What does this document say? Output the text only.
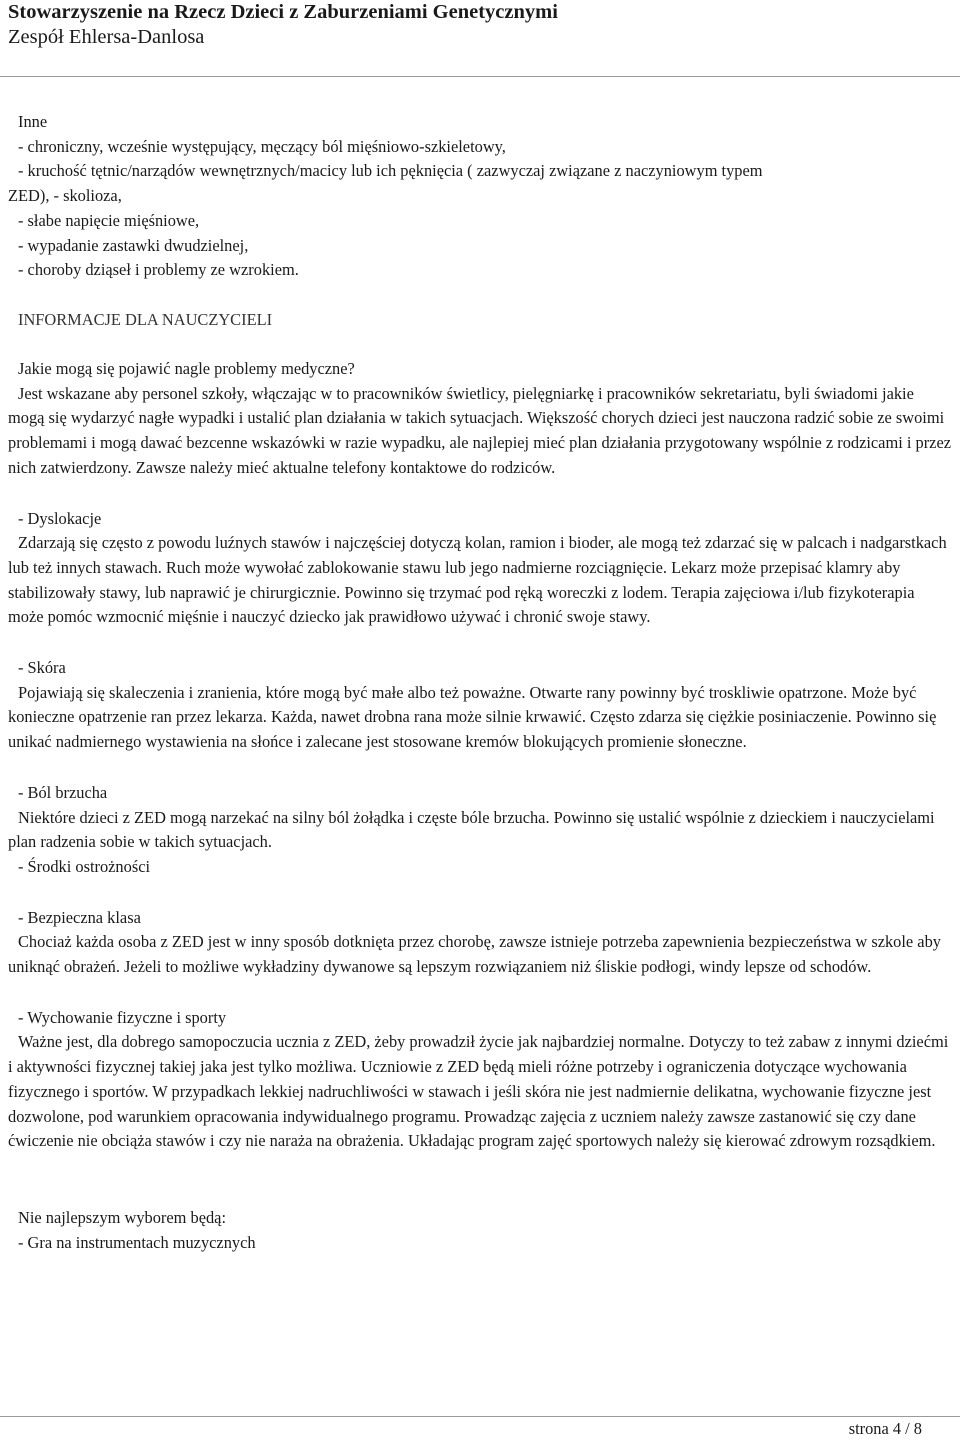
Stowarzyszenie na Rzecz Dzieci z Zaburzeniami Genetycznymi
Zespół Ehlersa-Danlosa

Inne

- chroniczny, wcześnie występujący, męczący ból mięśniowo-szkieletowy,

- kruchość tętnic/narządów wewnętrznych/macicy lub ich pęknięcia ( zazwyczaj związane z naczyniowym typem

ZED), - skolioza,

- słabe napięcie mięśniowe,

- wypadanie zastawki dwudzielnej,

- choroby dziąseł i problemy ze wzrokiem.

INFORMACJE DLA NAUCZYCIELI

Jakie mogą się pojawić nagle problemy medyczne?

Jest wskazane aby personel szkoły, włączając w to pracowników świetlicy, pielęgniarkę i pracowników sekretariatu, byli świadomi jakie mogą się wydarzyć nagłe wypadki i ustalić plan działania w takich sytuacjach. Większość chorych dzieci jest nauczona radzić sobie ze swoimi problemami i mogą dawać bezcenne wskazówki w razie wypadku, ale najlepiej mieć plan działania przygotowany wspólnie z rodzicami i przez nich zatwierdzony. Zawsze należy mieć aktualne telefony kontaktowe do rodziców.

- Dyslokacje

Zdarzają się często z powodu luźnych stawów i najczęściej dotyczą kolan, ramion i bioder, ale mogą też zdarzać się w palcach i nadgarstkach lub też innych stawach. Ruch może wywołać zablokowanie stawu lub jego nadmierne rozciągnięcie. Lekarz może przepisać klamry aby stabilizowały stawy, lub naprawić je chirurgicznie. Powinno się trzymać pod ręką woreczki z lodem. Terapia zajęciowa i/lub fizykoterapia może pomóc wzmocnić mięśnie i nauczyć dziecko jak prawidłowo używać i chronić swoje stawy.

- Skóra

Pojawiają się skaleczenia i zranienia, które mogą być małe albo też poważne. Otwarte rany powinny być troskliwie opatrzone. Może być konieczne opatrzenie ran przez lekarza. Każda, nawet drobna rana może silnie krwawić. Często zdarza się ciężkie posiniaczenie. Powinno się unikać nadmiernego wystawienia na słońce i zalecane jest stosowane kremów blokujących promienie słoneczne.

- Ból brzucha

Niektóre dzieci z ZED mogą narzekać na silny ból żołądka i częste bóle brzucha. Powinno się ustalić wspólnie z dzieckiem i nauczycielami plan radzenia sobie w takich sytuacjach.

- Środki ostrożności

- Bezpieczna klasa

Chociaż każda osoba z ZED jest w inny sposób dotknięta przez chorobę, zawsze istnieje potrzeba zapewnienia bezpieczeństwa w szkole aby uniknąć obrażeń. Jeżeli to możliwe wykładziny dywanowe są lepszym rozwiązaniem niż śliskie podłogi, windy lepsze od schodów.

- Wychowanie fizyczne i sporty

Ważne jest, dla dobrego samopoczucia ucznia z ZED, żeby prowadził życie jak najbardziej normalne. Dotyczy to też zabaw z innymi dziećmi i aktywności fizycznej takiej jaka jest tylko możliwa. Uczniowie z ZED będą mieli różne potrzeby i ograniczenia dotyczące wychowania fizycznego i sportów. W przypadkach lekkiej nadruchliwości w stawach i jeśli skóra nie jest nadmiernie delikatna, wychowanie fizyczne jest dozwolone, pod warunkiem opracowania indywidualnego programu. Prowadząc zajęcia z uczniem należy zawsze zastanowić się czy dane ćwiczenie nie obciąża stawów i czy nie naraża na obrażenia. Układając program zajęć sportowych należy się kierować zdrowym rozsądkiem.

Nie najlepszym wyborem będą:

- Gra na instrumentach muzycznych

strona 4 / 8
